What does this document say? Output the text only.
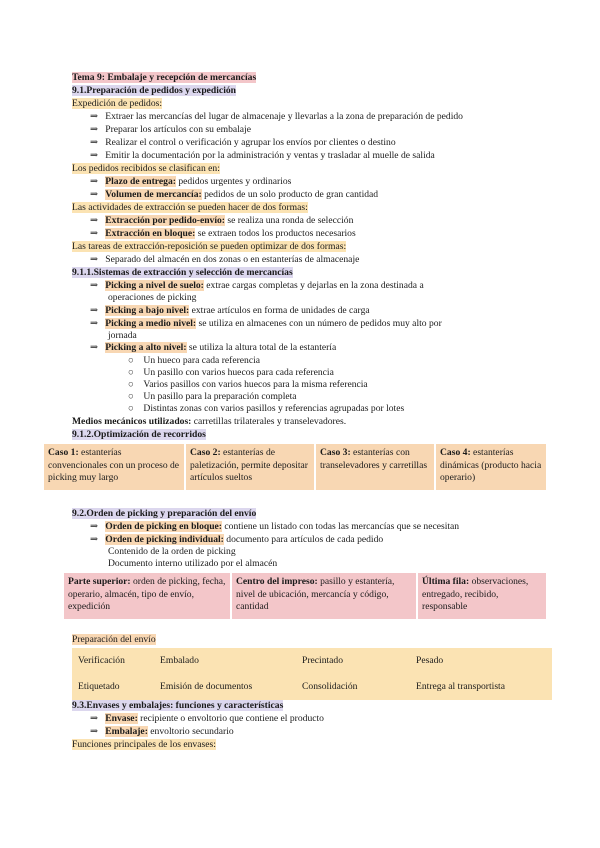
Tema 9: Embalaje y recepción de mercancías
9.1.Preparación de pedidos y expedición
Expedición de pedidos:
⇒ Extraer las mercancías del lugar de almacenaje y llevarlas a la zona de preparación de pedido
⇒ Preparar los artículos con su embalaje
⇒ Realizar el control o verificación y agrupar los envíos por clientes o destino
⇒ Emitir la documentación por la administración y ventas y trasladar al muelle de salida
Los pedidos recibidos se clasifican en:
⇒ Plazo de entrega: pedidos urgentes y ordinarios
⇒ Volumen de mercancía: pedidos de un solo producto de gran cantidad
Las actividades de extracción se pueden hacer de dos formas:
⇒ Extracción por pedido-envío: se realiza una ronda de selección
⇒ Extracción en bloque: se extraen todos los productos necesarios
Las tareas de extracción-reposición se pueden optimizar de dos formas:
⇒ Separado del almacén en dos zonas o en estanterías de almacenaje
9.1.1.Sistemas de extracción y selección de mercancías
⇒ Picking a nivel de suelo: extrae cargas completas y dejarlas en la zona destinada a
operaciones de picking
⇒ Picking a bajo nivel: extrae artículos en forma de unidades de carga
⇒ Picking a medio nivel: se utiliza en almacenes con un número de pedidos muy alto por
jornada
⇒ Picking a alto nivel: se utiliza la altura total de la estantería
○ Un hueco para cada referencia
○ Un pasillo con varios huecos para cada referencia
○ Varios pasillos con varios huecos para la misma referencia
○ Un pasillo para la preparación completa
○ Distintas zonas con varios pasillos y referencias agrupadas por lotes
Medios mecánicos utilizados: carretillas trilaterales y transelevadores.
9.1.2.Optimización de recorridos
Caso 1: estanterías convencionales con un proceso de picking muy largo
Caso 2: estanterías de paletización, permite depositar artículos sueltos
Caso 3: estanterías con transelevadores y carretillas
Caso 4: estanterías dinámicas (producto hacia operario)
9.2.Orden de picking y preparación del envío
⇒ Orden de picking en bloque: contiene un listado con todas las mercancías que se necesitan
⇒ Orden de picking individual: documento para artículos de cada pedido
Contenido de la orden de picking
Documento interno utilizado por el almacén
Parte superior: orden de picking, fecha, operario, almacén, tipo de envío, expedición
Centro del impreso: pasillo y estantería, nivel de ubicación, mercancía y código, cantidad
Última fila: observaciones, entregado, recibido, responsable
Preparación del envío
Verificación	Embalado	Precintado	Pesado
Etiquetado	Emisión de documentos	Consolidación	Entrega al transportista
9.3.Envases y embalajes: funciones y características
⇒ Envase: recipiente o envoltorio que contiene el producto
⇒ Embalaje: envoltorio secundario
Funciones principales de los envases:
